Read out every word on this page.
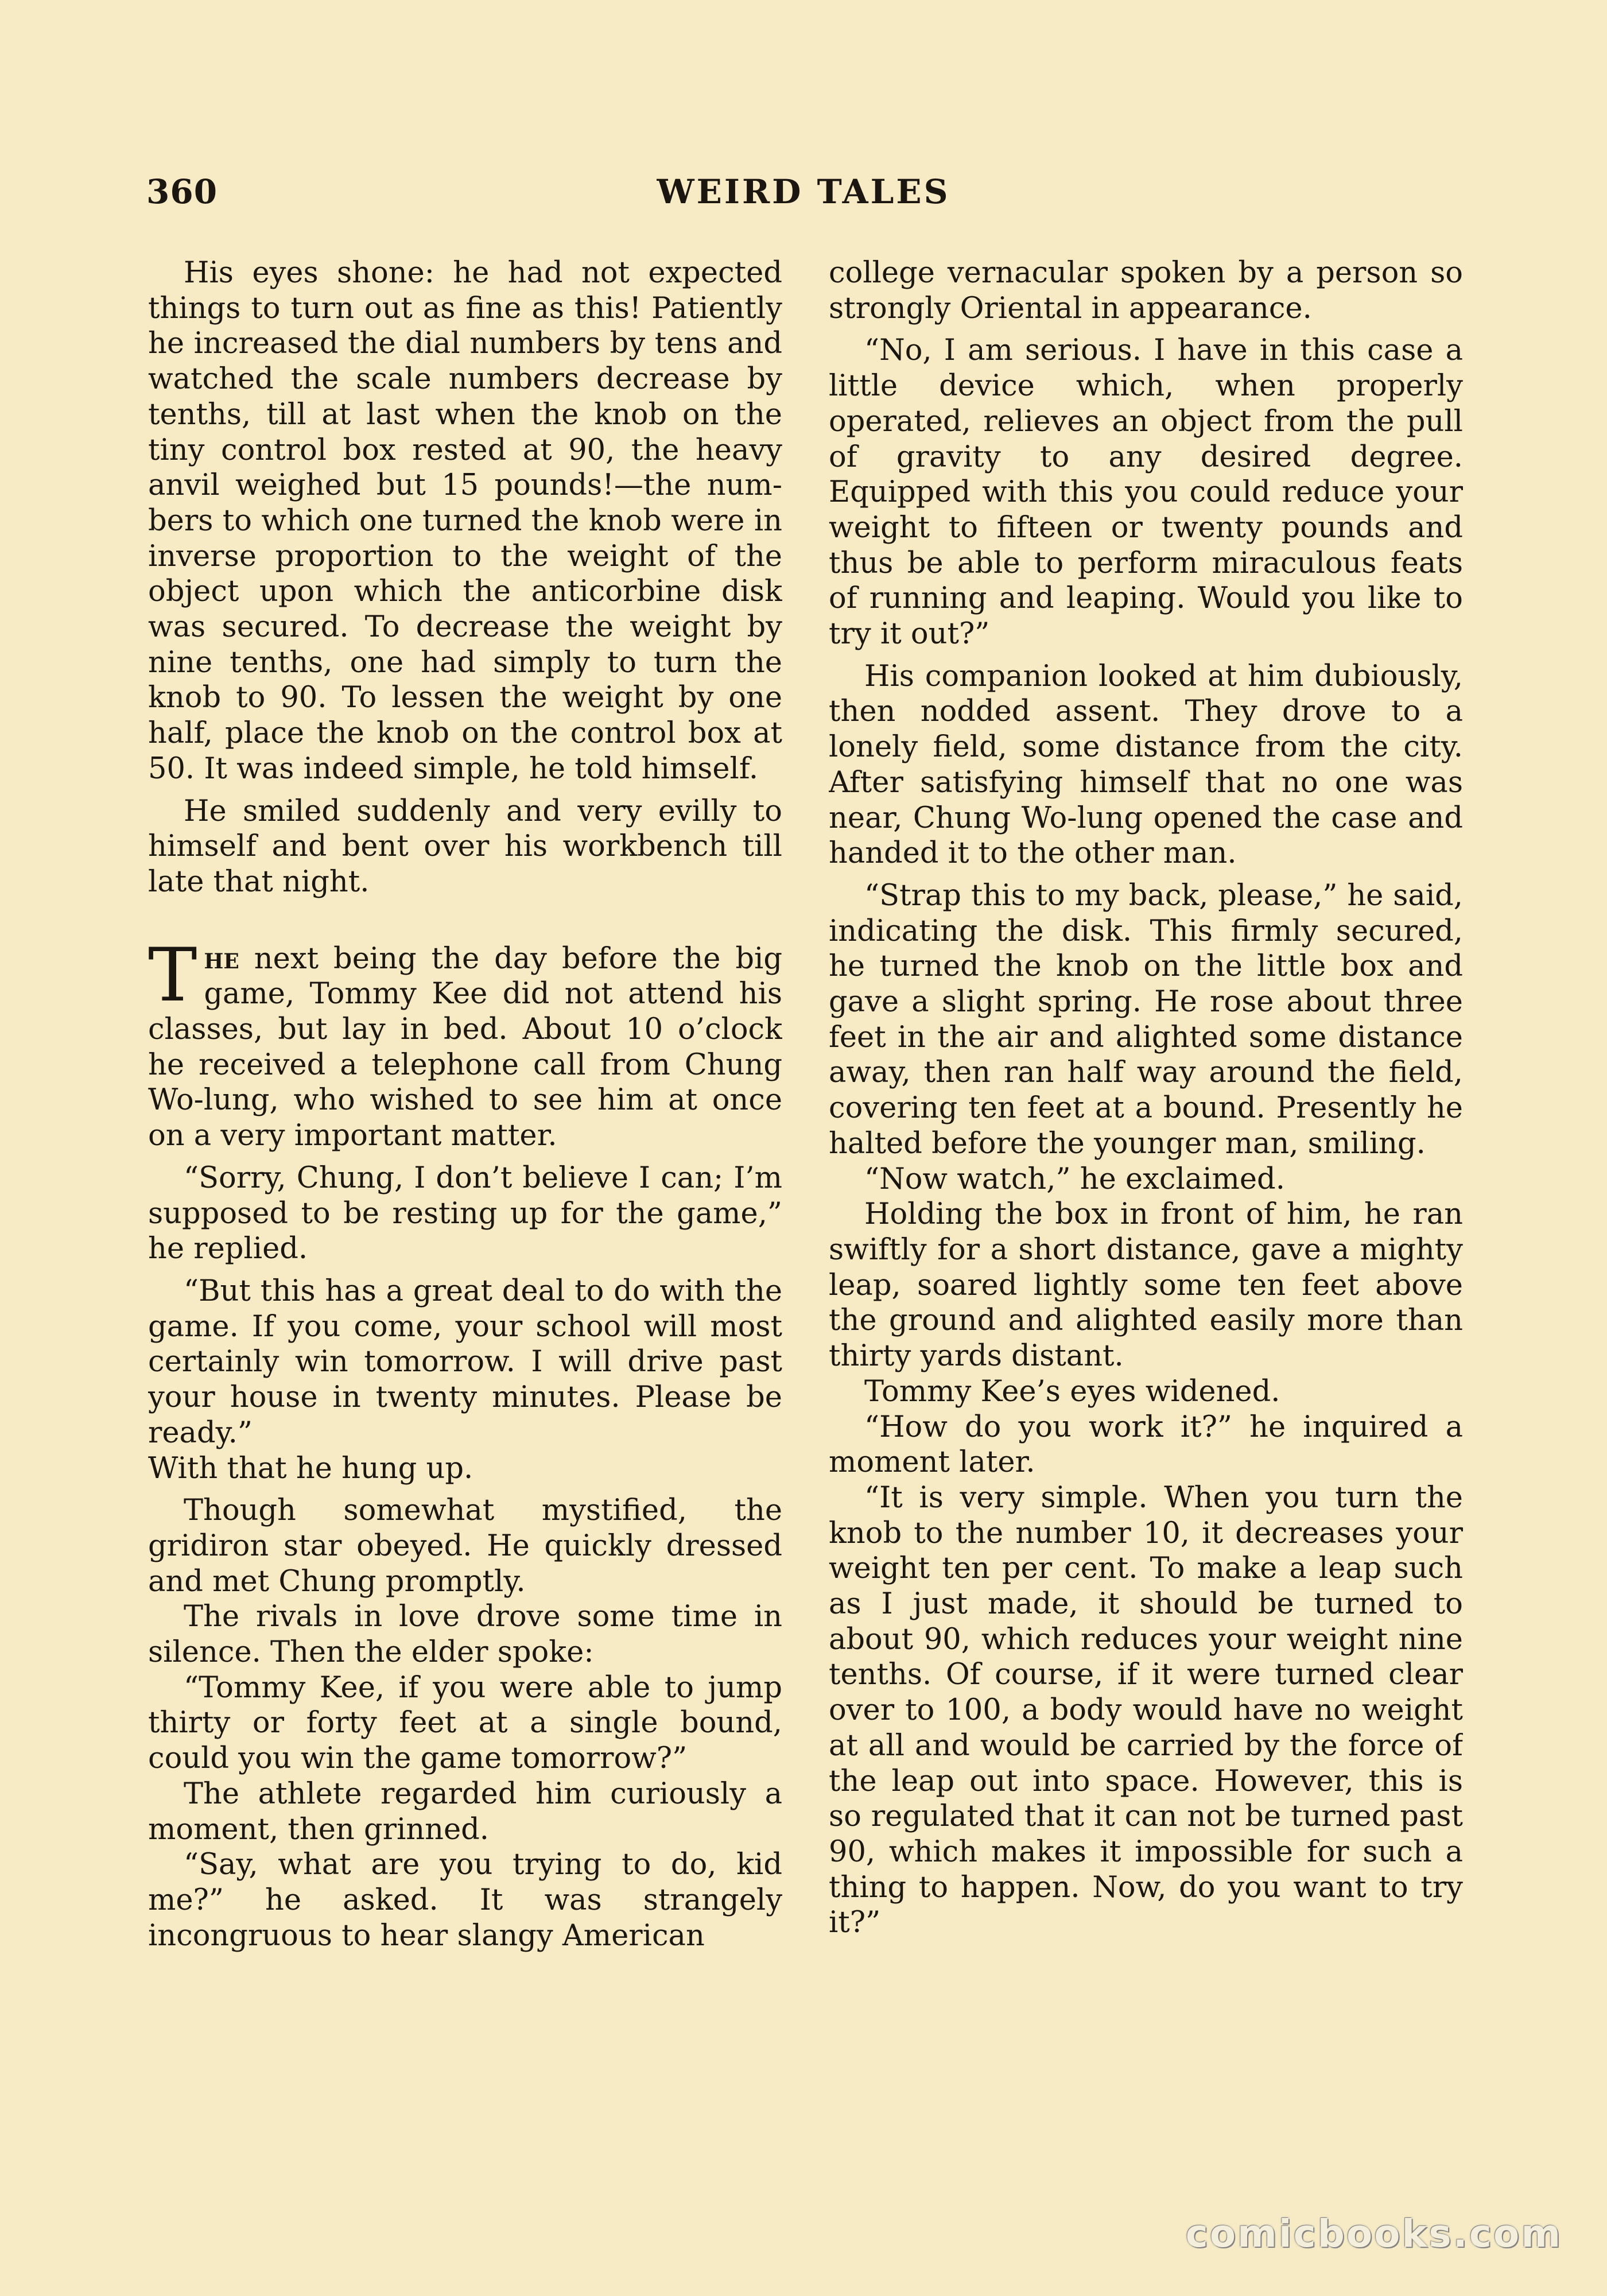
360	WEIRD TALES

His eyes shone: he had not expected things to turn out as fine as this! Patiently he increased the dial numbers by tens and watched the scale numbers decrease by tenths, till at last when the knob on the tiny control box rested at 90, the heavy anvil weighed but 15 pounds!—the numbers to which one turned the knob were in inverse proportion to the weight of the object upon which the anticorbine disk was secured. To decrease the weight by nine tenths, one had simply to turn the knob to 90. To lessen the weight by one half, place the knob on the control box at 50. It was indeed simple, he told himself.

He smiled suddenly and very evilly to himself and bent over his workbench till late that night.

The next being the day before the big game, Tommy Kee did not attend his classes, but lay in bed. About 10 o’clock he received a telephone call from Chung Wo-lung, who wished to see him at once on a very important matter.

“Sorry, Chung, I don’t believe I can; I’m supposed to be resting up for the game,” he replied.

“But this has a great deal to do with the game. If you come, your school will most certainly win tomorrow. I will drive past your house in twenty minutes. Please be ready.”

With that he hung up.

Though somewhat mystified, the gridiron star obeyed. He quickly dressed and met Chung promptly.

The rivals in love drove some time in silence. Then the elder spoke:

“Tommy Kee, if you were able to jump thirty or forty feet at a single bound, could you win the game tomorrow?”

The athlete regarded him curiously a moment, then grinned.

“Say, what are you trying to do, kid me?” he asked. It was strangely incongruous to hear slangy American

college vernacular spoken by a person so strongly Oriental in appearance.

“No, I am serious. I have in this case a little device which, when properly operated, relieves an object from the pull of gravity to any desired degree. Equipped with this you could reduce your weight to fifteen or twenty pounds and thus be able to perform miraculous feats of running and leaping. Would you like to try it out?”

His companion looked at him dubiously, then nodded assent. They drove to a lonely field, some distance from the city. After satisfying himself that no one was near, Chung Wo-lung opened the case and handed it to the other man.

“Strap this to my back, please,” he said, indicating the disk. This firmly secured, he turned the knob on the little box and gave a slight spring. He rose about three feet in the air and alighted some distance away, then ran half way around the field, covering ten feet at a bound. Presently he halted before the younger man, smiling.

“Now watch,” he exclaimed.

Holding the box in front of him, he ran swiftly for a short distance, gave a mighty leap, soared lightly some ten feet above the ground and alighted easily more than thirty yards distant.

Tommy Kee’s eyes widened.

“How do you work it?” he inquired a moment later.

“It is very simple. When you turn the knob to the number 10, it decreases your weight ten per cent. To make a leap such as I just made, it should be turned to about 90, which reduces your weight nine tenths. Of course, if it were turned clear over to 100, a body would have no weight at all and would be carried by the force of the leap out into space. However, this is so regulated that it can not be turned past 90, which makes it impossible for such a thing to happen. Now, do you want to try it?”

comicbooks.com
